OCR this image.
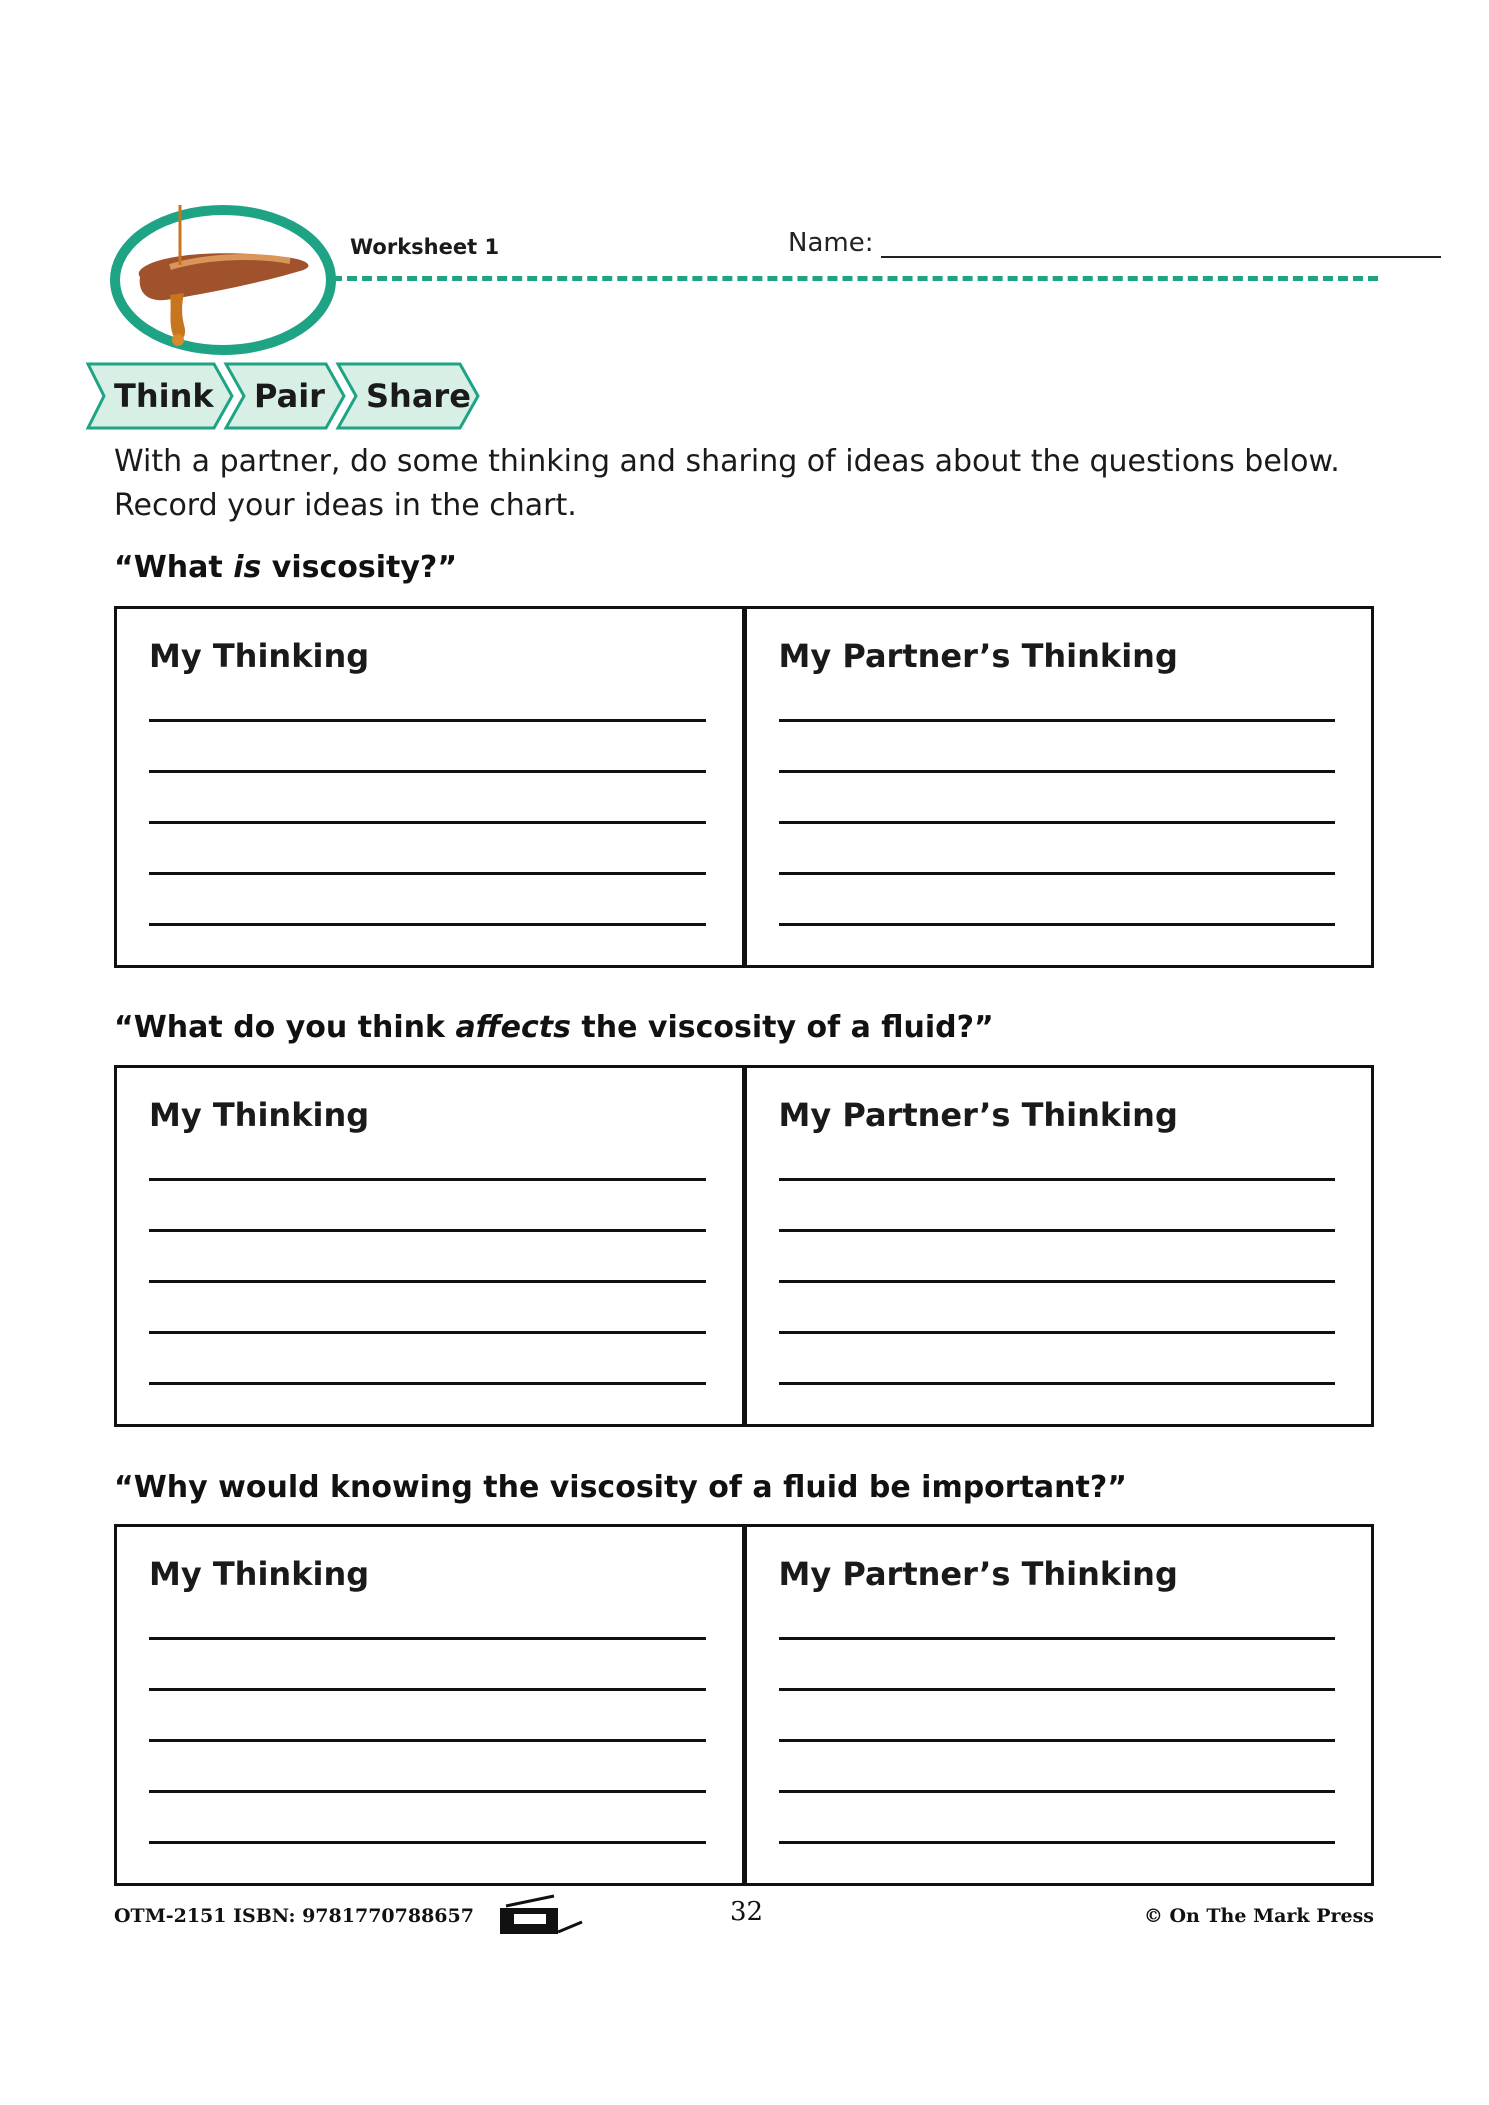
Worksheet 1	Name:
Think Pair Share
With a partner, do some thinking and sharing of ideas about the questions below. Record your ideas in the chart.
“What is viscosity?”
My Thinking	My Partner’s Thinking
“What do you think affects the viscosity of a fluid?”
My Thinking	My Partner’s Thinking
“Why would knowing the viscosity of a fluid be important?”
My Thinking	My Partner’s Thinking
OTM-2151 ISBN: 9781770788657	32	© On The Mark Press
